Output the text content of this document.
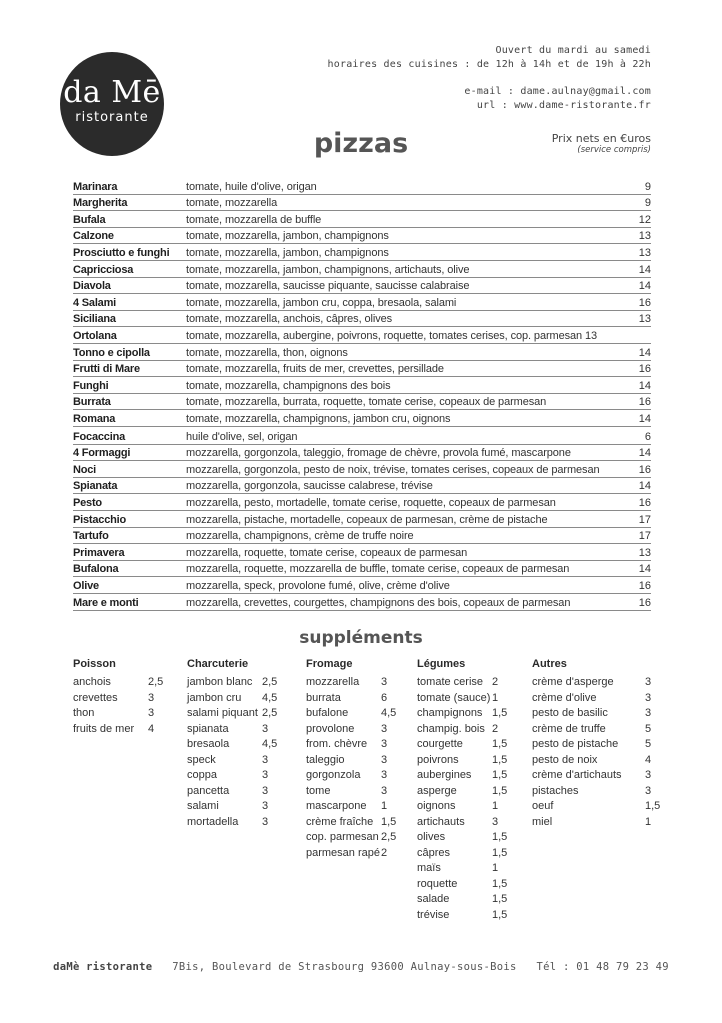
da Mē
ristorante
Ouvert du mardi au samedi
horaires des cuisines : de 12h à 14h et de 19h à 22h
e-mail : dame.aulnay@gmail.com
url : www.dame-ristorante.fr
pizzas	Prix nets en €uros
(service compris)
Marinara	tomate, huile d'olive, origan	9
Margherita	tomate, mozzarella	9
Bufala	tomate, mozzarella de buffle	12
Calzone	tomate, mozzarella, jambon, champignons	13
Prosciutto e funghi	tomate, mozzarella, jambon, champignons	13
Capricciosa	tomate, mozzarella, jambon, champignons, artichauts, olive	14
Diavola	tomate, mozzarella, saucisse piquante, saucisse calabraise	14
4 Salami	tomate, mozzarella, jambon cru, coppa, bresaola, salami	16
Siciliana	tomate, mozzarella, anchois, câpres, olives	13
Ortolana	tomate, mozzarella, aubergine, poivrons, roquette, tomates cerises, cop. parmesan 13
Tonno e cipolla	tomate, mozzarella, thon, oignons	14
Frutti di Mare	tomate, mozzarella, fruits de mer, crevettes, persillade	16
Funghi	tomate, mozzarella, champignons des bois	14
Burrata	tomate, mozzarella, burrata, roquette, tomate cerise, copeaux de parmesan	16
Romana	tomate, mozzarella, champignons, jambon cru, oignons	14
Focaccina	huile d'olive, sel, origan	6
4 Formaggi	mozzarella, gorgonzola, taleggio, fromage de chèvre, provola fumé, mascarpone	14
Noci	mozzarella, gorgonzola, pesto de noix, trévise, tomates cerises, copeaux de parmesan	16
Spianata	mozzarella, gorgonzola, saucisse calabrese, trévise	14
Pesto	mozzarella, pesto, mortadelle, tomate cerise, roquette, copeaux de parmesan	16
Pistacchio	mozzarella, pistache, mortadelle, copeaux de parmesan, crème de pistache	17
Tartufo	mozzarella, champignons, crème de truffe noire	17
Primavera	mozzarella, roquette, tomate cerise, copeaux de parmesan	13
Bufalona	mozzarella, roquette, mozzarella de buffle, tomate cerise, copeaux de parmesan	14
Olive	mozzarella, speck, provolone fumé, olive, crème d'olive	16
Mare e monti	mozzarella, crevettes, courgettes, champignons des bois, copeaux de parmesan	16
suppléments
Poisson
anchois	2,5
crevettes	3
thon	3
fruits de mer 4
Charcuterie
jambon blanc 2,5
jambon cru 4,5
salami piquant 2,5
spianata	3
bresaola	4,5
speck	3
coppa	3
pancetta	3
salami	3
mortadella 3
Fromage
mozzarella 3
burrata	6
bufalone	4,5
provolone 3
from. chèvre 3
taleggio	3
gorgonzola 3
tome	3
mascarpone 1
crème fraîche 1,5
cop. parmesan 2,5
parmesan rapé 2
Légumes
tomate cerise 2
tomate (sauce) 1
champignons 1,5
champig. bois 2
courgette	1,5
poivrons	1,5
aubergines 1,5
asperge	1,5
oignons	1
artichauts 3
olives	1,5
câpres	1,5
maïs	1
roquette	1,5
salade	1,5
trévise	1,5
Autres
crème d'asperge	3
crème d'olive	3
pesto de basilic	3
crème de truffe	5
pesto de pistache 5
pesto de noix	4
crème d'artichauts 3
pistaches	3
oeuf	1,5
miel	1
daMè ristorante 7Bis, Boulevard de Strasbourg 93600 Aulnay-sous-Bois Tél : 01 48 79 23 49
